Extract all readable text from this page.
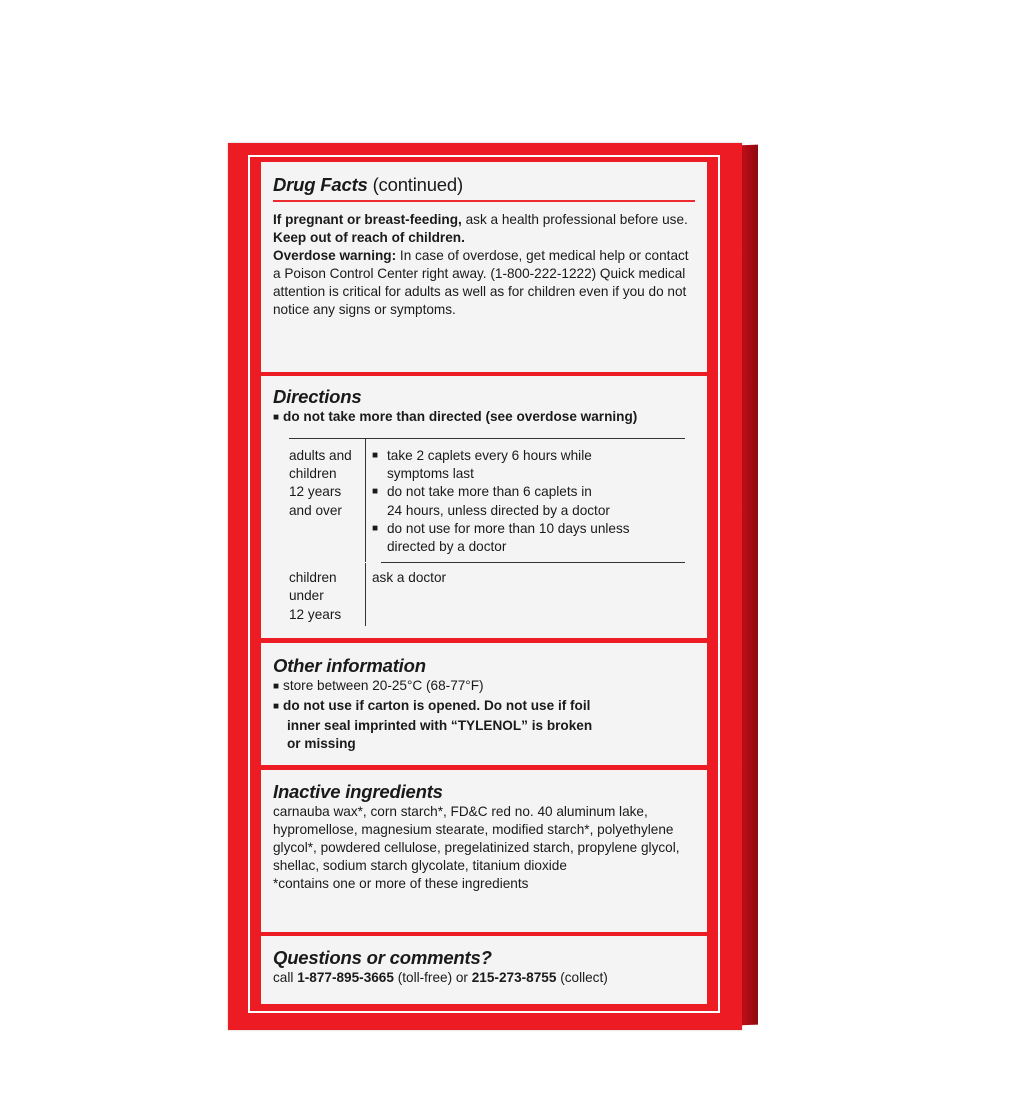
Drug Facts (continued)
If pregnant or breast-feeding, ask a health professional before use.
Keep out of reach of children.
Overdose warning: In case of overdose, get medical help or contact a Poison Control Center right away. (1-800-222-1222) Quick medical attention is critical for adults as well as for children even if you do not notice any signs or symptoms.
Directions
■ do not take more than directed (see overdose warning)
adults and
children
12 years
and over
■ take 2 caplets every 6 hours while
symptoms last
■ do not take more than 6 caplets in
24 hours, unless directed by a doctor
■ do not use for more than 10 days unless
directed by a doctor
children
under
12 years
ask a doctor
Other information
■ store between 20-25°C (68-77°F)
■ do not use if carton is opened. Do not use if foil
inner seal imprinted with “TYLENOL” is broken
or missing
Inactive ingredients
carnauba wax*, corn starch*, FD&C red no. 40 aluminum lake, hypromellose, magnesium stearate, modified starch*, polyethylene glycol*, powdered cellulose, pregelatinized starch, propylene glycol, shellac, sodium starch glycolate, titanium dioxide
*contains one or more of these ingredients
Questions or comments?
call 1-877-895-3665 (toll-free) or 215-273-8755 (collect)
